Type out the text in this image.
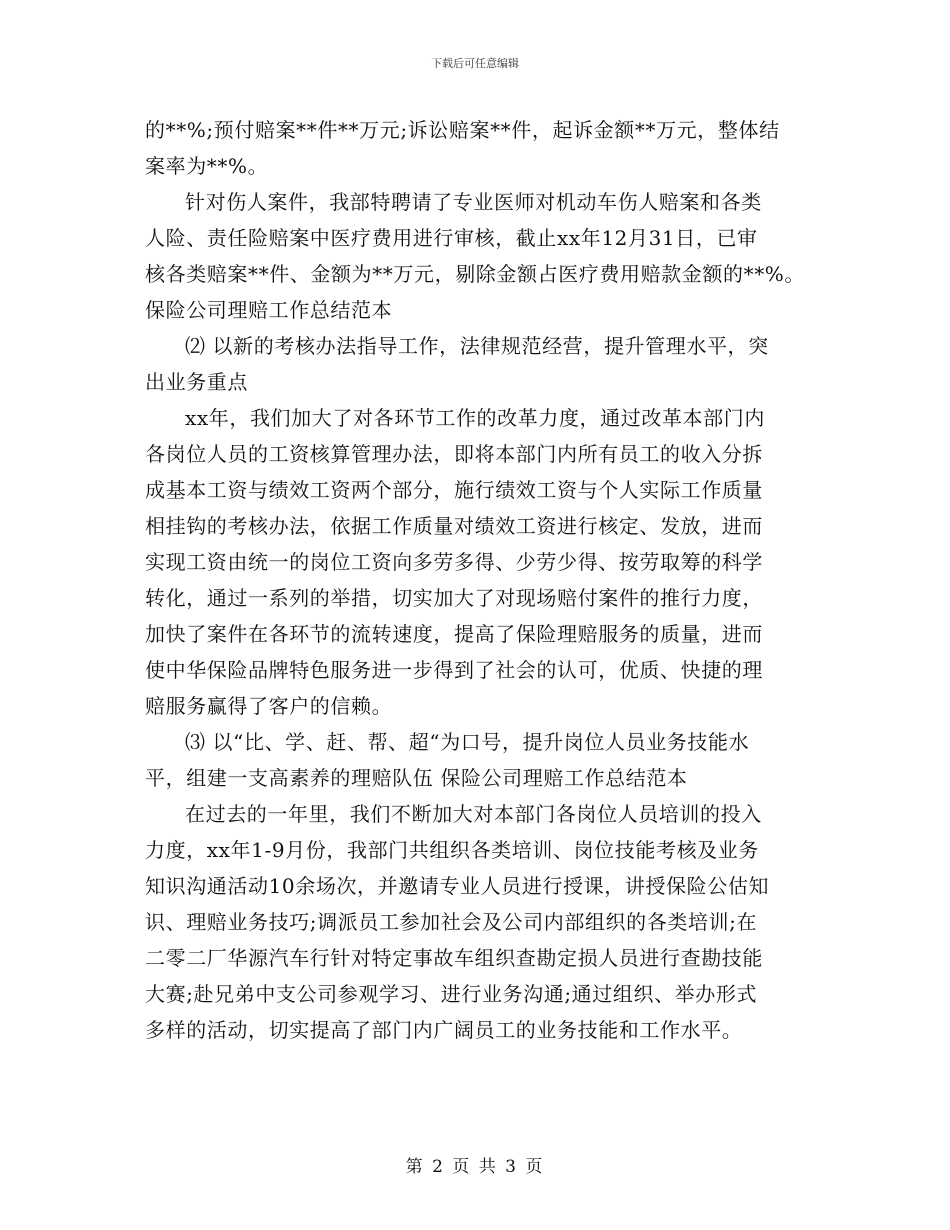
下载后可任意编辑
的**%;预付赔案**件**万元;诉讼赔案**件，起诉金额**万元，整体结
案率为**%。
针对伤人案件，我部特聘请了专业医师对机动车伤人赔案和各类
人险、责任险赔案中医疗费用进行审核，截止xx年12月31日，已审
核各类赔案**件、金额为**万元，剔除金额占医疗费用赔款金额的**%。
保险公司理赔工作总结范本
⑵ 以新的考核办法指导工作，法律规范经营，提升管理水平，突
出业务重点
xx年，我们加大了对各环节工作的改革力度，通过改革本部门内
各岗位人员的工资核算管理办法，即将本部门内所有员工的收入分拆
成基本工资与绩效工资两个部分，施行绩效工资与个人实际工作质量
相挂钩的考核办法，依据工作质量对绩效工资进行核定、发放，进而
实现工资由统一的岗位工资向多劳多得、少劳少得、按劳取筹的科学
转化，通过一系列的举措，切实加大了对现场赔付案件的推行力度，
加快了案件在各环节的流转速度，提高了保险理赔服务的质量，进而
使中华保险品牌特色服务进一步得到了社会的认可，优质、快捷的理
赔服务赢得了客户的信赖。
⑶ 以“比、学、赶、帮、超“为口号，提升岗位人员业务技能水
平，组建一支高素养的理赔队伍 保险公司理赔工作总结范本
在过去的一年里，我们不断加大对本部门各岗位人员培训的投入
力度，xx年1-9月份，我部门共组织各类培训、岗位技能考核及业务
知识沟通活动10余场次，并邀请专业人员进行授课，讲授保险公估知
识、理赔业务技巧;调派员工参加社会及公司内部组织的各类培训;在
二零二厂华源汽车行针对特定事故车组织查勘定损人员进行查勘技能
大赛;赴兄弟中支公司参观学习、进行业务沟通;通过组织、举办形式
多样的活动，切实提高了部门内广阔员工的业务技能和工作水平。
第 2 页 共 3 页
